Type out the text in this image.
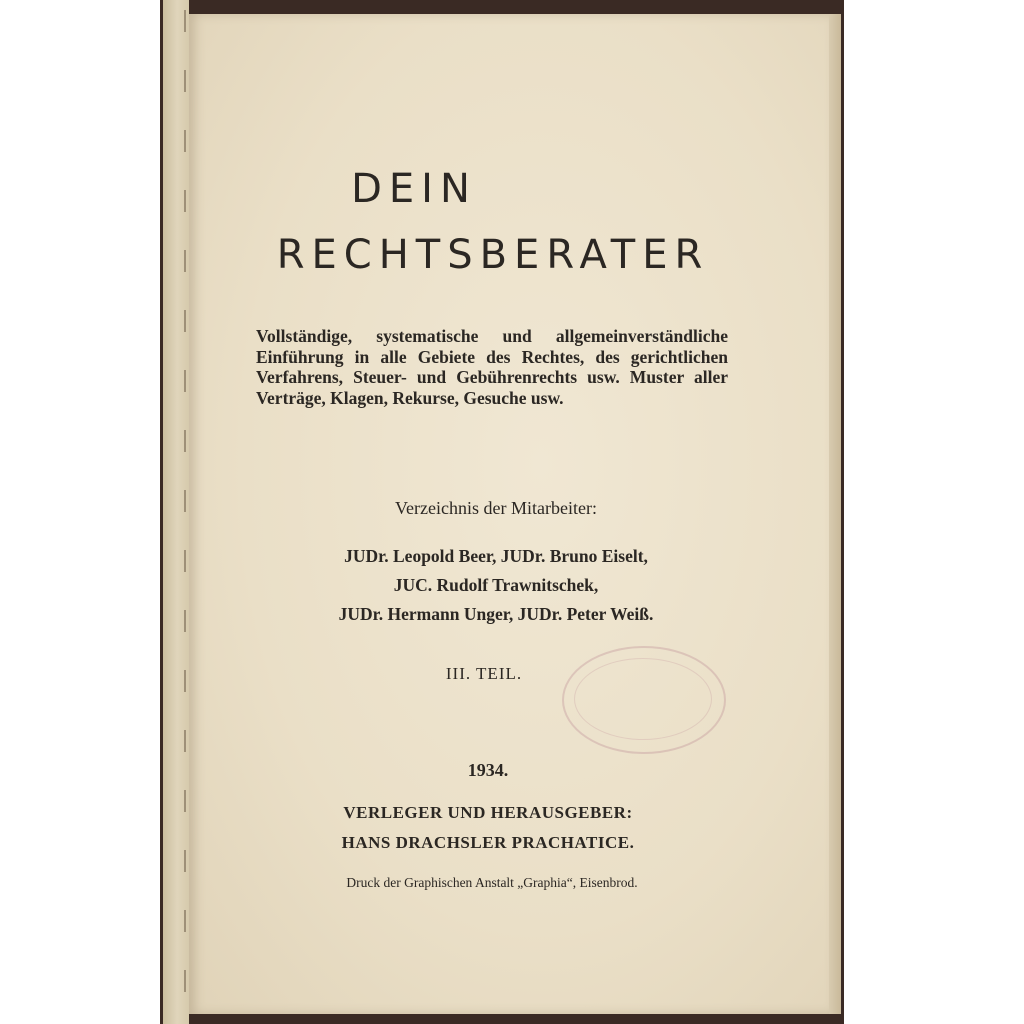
DEIN
RECHTSBERATER
Vollständige, systematische und allgemeinverständliche Einführung in alle Gebiete des Rechtes, des gerichtlichen Verfahrens, Steuer- und Gebührenrechts usw. Muster aller Verträge, Klagen, Rekurse, Gesuche usw.
Verzeichnis der Mitarbeiter:
JUDr. Leopold Beer, JUDr. Bruno Eiselt,
JUC. Rudolf Trawnitschek,
JUDr. Hermann Unger, JUDr. Peter Weiß.
III. TEIL.
1934.
VERLEGER UND HERAUSGEBER:
HANS DRACHSLER PRACHATICE.
Druck der Graphischen Anstalt „Graphia“, Eisenbrod.
